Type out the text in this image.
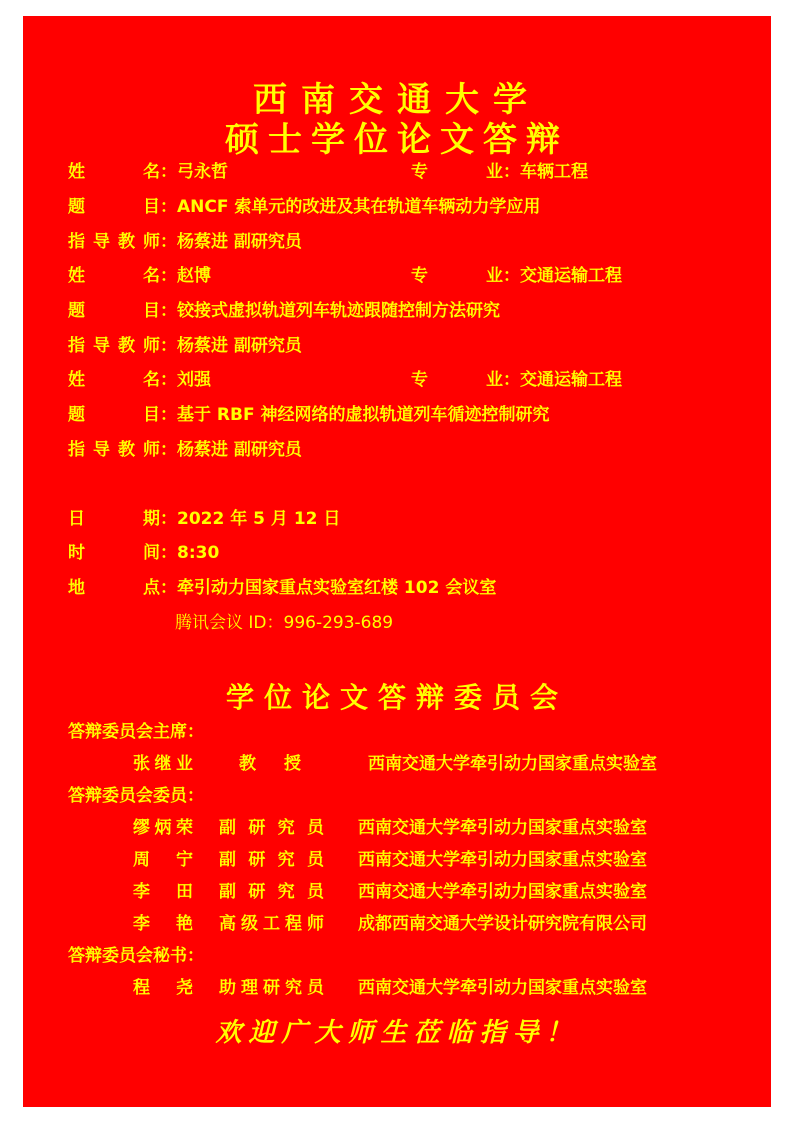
西南交通大学
硕士学位论文答辩
姓名：弓永哲	专业：车辆工程
题目：ANCF 索单元的改进及其在轨道车辆动力学应用
指导教师：杨蔡进 副研究员
姓名：赵博	专业：交通运输工程
题目：铰接式虚拟轨道列车轨迹跟随控制方法研究
指导教师：杨蔡进 副研究员
姓名：刘强	专业：交通运输工程
题目：基于 RBF 神经网络的虚拟轨道列车循迹控制研究
指导教师：杨蔡进 副研究员
日期：2022 年 5 月 12 日
时间：8:30
地点：牵引动力国家重点实验室红楼 102 会议室
腾讯会议 ID：996-293-689
学位论文答辩委员会
答辩委员会主席：
张继业	教授	西南交通大学牵引动力国家重点实验室
答辩委员会委员：
缪炳荣 副研究员 西南交通大学牵引动力国家重点实验室
周宁 副研究员 西南交通大学牵引动力国家重点实验室
李田 副研究员 西南交通大学牵引动力国家重点实验室
李艳 高级工程师 成都西南交通大学设计研究院有限公司
答辩委员会秘书：
程尧 助理研究员 西南交通大学牵引动力国家重点实验室
欢迎广大师生莅临指导！
